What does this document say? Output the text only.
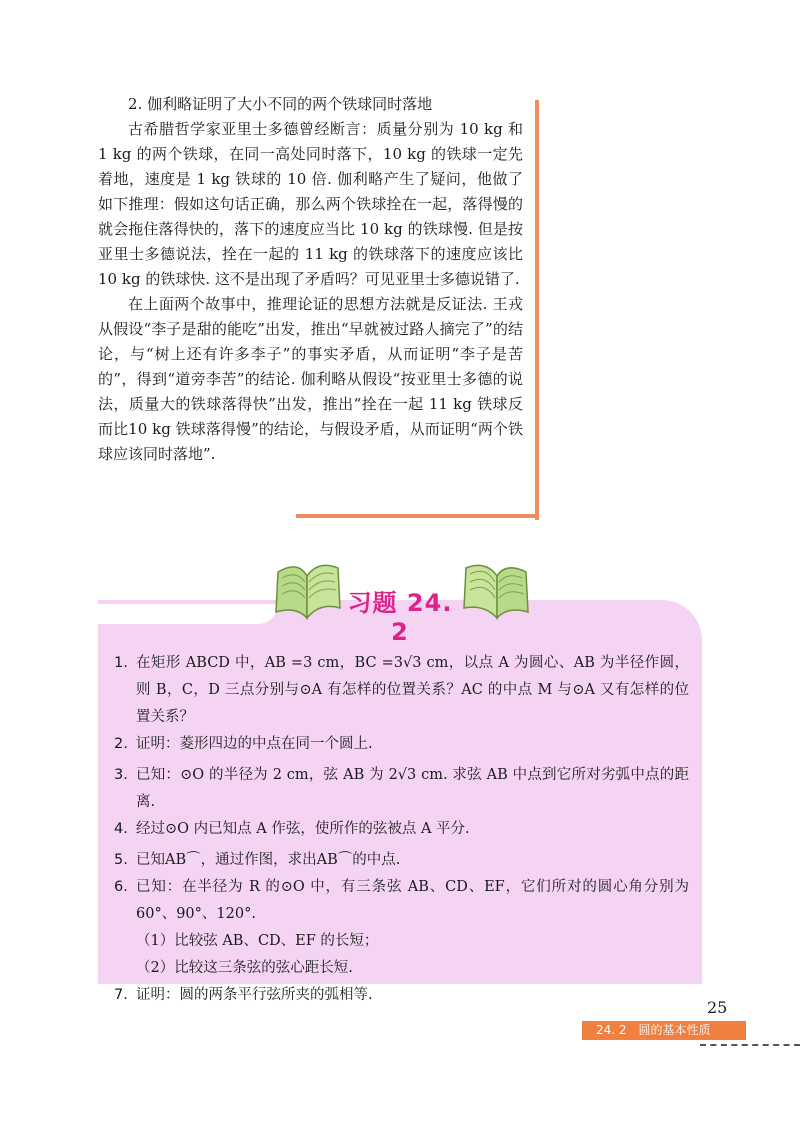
2. 伽利略证明了大小不同的两个铁球同时落地

古希腊哲学家亚里士多德曾经断言：质量分别为 10 kg 和 1 kg 的两个铁球，在同一高处同时落下，10 kg 的铁球一定先着地，速度是 1 kg 铁球的 10 倍. 伽利略产生了疑问，他做了如下推理：假如这句话正确，那么两个铁球拴在一起，落得慢的就会拖住落得快的，落下的速度应当比 10 kg 的铁球慢. 但是按亚里士多德说法，拴在一起的 11 kg 的铁球落下的速度应该比 10 kg 的铁球快. 这不是出现了矛盾吗？可见亚里士多德说错了.

在上面两个故事中，推理论证的思想方法就是反证法. 王戎从假设“李子是甜的能吃”出发，推出“早就被过路人摘完了”的结论，与“树上还有许多李子”的事实矛盾，从而证明“李子是苦的”，得到“道旁李苦”的结论. 伽利略从假设“按亚里士多德的说法，质量大的铁球落得快”出发，推出“拴在一起 11 kg 铁球反而比10 kg 铁球落得慢”的结论，与假设矛盾，从而证明“两个铁球应该同时落地”.

习题 24. 2
1. 在矩形 ABCD 中，AB =3 cm，BC =3√3 cm，以点 A 为圆心、AB 为半径作圆，则 B，C，D 三点分别与⊙A 有怎样的位置关系？AC 的中点 M 与⊙A 又有怎样的位置关系？
2. 证明：菱形四边的中点在同一个圆上.
3. 已知：⊙O 的半径为 2 cm，弦 AB 为 2√3 cm. 求弦 AB 中点到它所对劣弧中点的距离.
4. 经过⊙O 内已知点 A 作弦，使所作的弦被点 A 平分.
5. 已知AB⌒，通过作图，求出AB⌒的中点.
6. 已知：在半径为 R 的⊙O 中，有三条弦 AB、CD、EF，它们所对的圆心角分别为 60°、90°、120°.
（1）比较弦 AB、CD、EF 的长短；
（2）比较这三条弦的弦心距长短.
7. 证明：圆的两条平行弦所夹的弧相等.
25
24. 2　圆的基本性质
